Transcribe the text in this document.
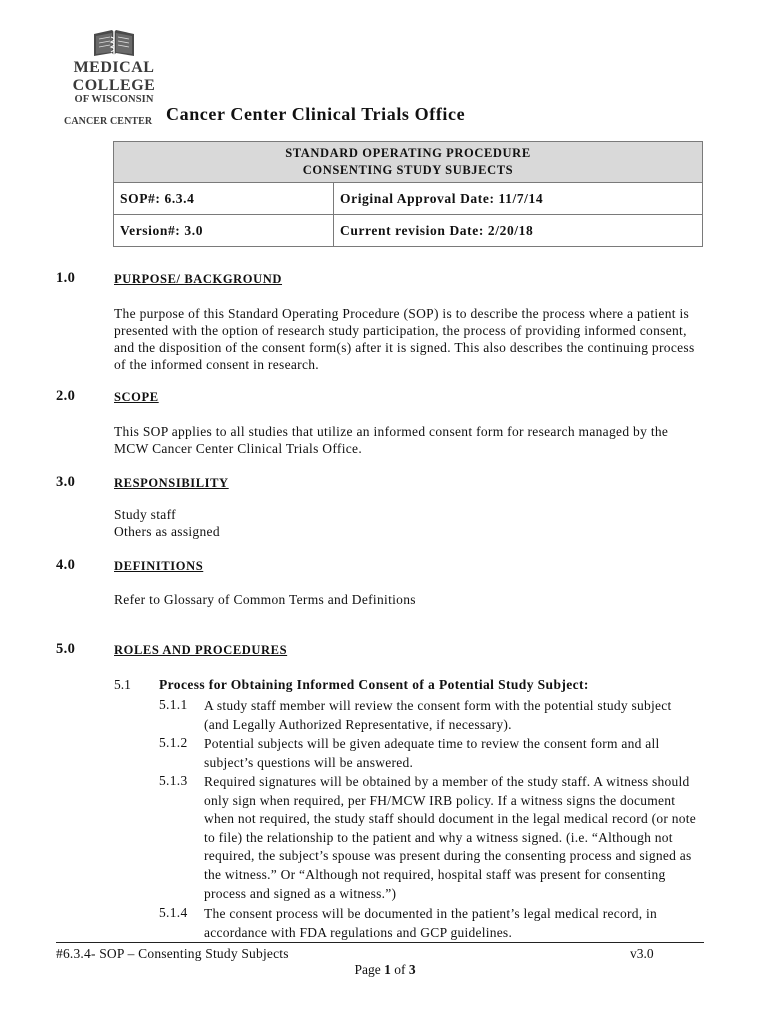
MEDICAL
COLLEGE
OF WISCONSIN
CANCER CENTER Cancer Center Clinical Trials Office
STANDARD OPERATING PROCEDURE
CONSENTING STUDY SUBJECTS	

SOP#: 6.3.4	Original Approval Date: 11/7/14
Version#: 3.0	Current revision Date: 2/20/18
1.0	PURPOSE/ BACKGROUND
The purpose of this Standard Operating Procedure (SOP) is to describe the process where a patient is presented with the option of research study participation, the process of providing informed consent, and the disposition of the consent form(s) after it is signed. This also describes the continuing process of the informed consent in research.
2.0	SCOPE
This SOP applies to all studies that utilize an informed consent form for research managed by the MCW Cancer Center Clinical Trials Office.
3.0	RESPONSIBILITY
Study staff
Others as assigned
4.0	DEFINITIONS
Refer to Glossary of Common Terms and Definitions
5.0	ROLES AND PROCEDURES
5.1 Process for Obtaining Informed Consent of a Potential Study Subject:
5.1.1 A study staff member will review the consent form with the potential study subject (and Legally Authorized Representative, if necessary).
5.1.2 Potential subjects will be given adequate time to review the consent form and all subject’s questions will be answered.
5.1.3 Required signatures will be obtained by a member of the study staff. A witness should only sign when required, per FH/MCW IRB policy. If a witness signs the document when not required, the study staff should document in the legal medical record (or note to file) the relationship to the patient and why a witness signed. (i.e. “Although not required, the subject’s spouse was present during the consenting process and signed as the witness.” Or “Although not required, hospital staff was present for consenting process and signed as a witness.”)
5.1.4 The consent process will be documented in the patient’s legal medical record, in accordance with FDA regulations and GCP guidelines.
#6.3.4- SOP – Consenting Study Subjects	v3.0
Page 1 of 3
